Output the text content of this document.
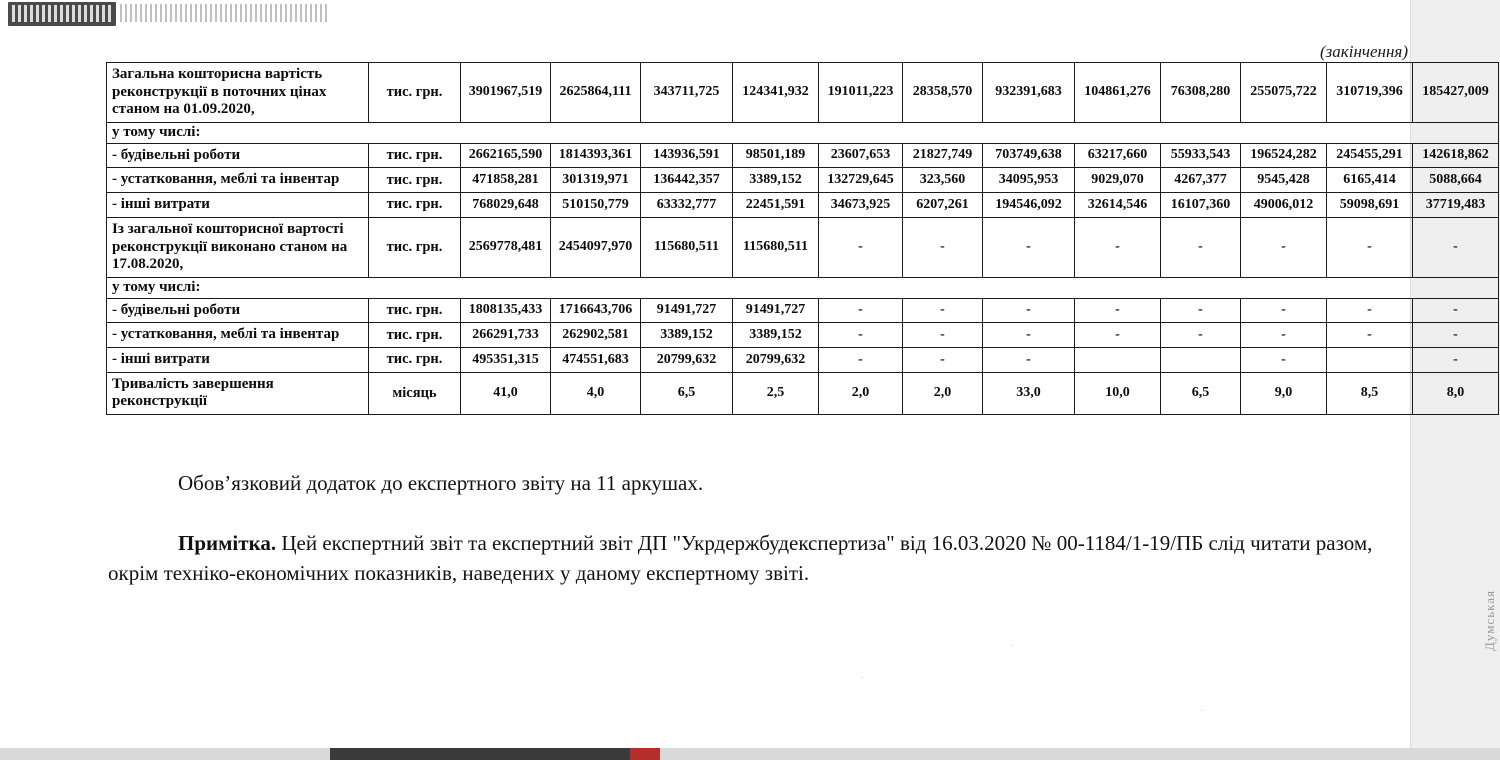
Думськая
·
·
·
(закінчення)
Загальна кошторисна вартість реконструкції в поточних цінах станом на 01.09.2020,	тис. грн.	3901967,519	2625864,111	343711,725	124341,932	191011,223	28358,570	932391,683	104861,276	76308,280	255075,722	310719,396	185427,009
у тому числі:													
- будівельні роботи	тис. грн.	2662165,590	1814393,361	143936,591	98501,189	23607,653	21827,749	703749,638	63217,660	55933,543	196524,282	245455,291	142618,862
- устатковання, меблі та інвентар	тис. грн.	471858,281	301319,971	136442,357	3389,152	132729,645	323,560	34095,953	9029,070	4267,377	9545,428	6165,414	5088,664
- інші витрати	тис. грн.	768029,648	510150,779	63332,777	22451,591	34673,925	6207,261	194546,092	32614,546	16107,360	49006,012	59098,691	37719,483
Із загальної кошторисної вартості реконструкції виконано станом на 17.08.2020,	тис. грн.	2569778,481	2454097,970	115680,511	115680,511	-	-	-	-	-	-	-	-
у тому числі:													
- будівельні роботи	тис. грн.	1808135,433	1716643,706	91491,727	91491,727	-	-	-	-	-	-	-	-
- устатковання, меблі та інвентар	тис. грн.	266291,733	262902,581	3389,152	3389,152	-	-	-	-	-	-	-	-
- інші витрати	тис. грн.	495351,315	474551,683	20799,632	20799,632	-	-	-			-		-
Тривалість завершення реконструкції	місяць	41,0	4,0	6,5	2,5	2,0	2,0	33,0	10,0	6,5	9,0	8,5	8,0
Обов’язковий додаток до експертного звіту на 11 аркушах.
Примітка. Цей експертний звіт та експертний звіт ДП "Укрдержбудекспертиза" від 16.03.2020 № 00-1184/1-19/ПБ слід читати разом, окрім техніко-економічних показників, наведених у даному експертному звіті.
